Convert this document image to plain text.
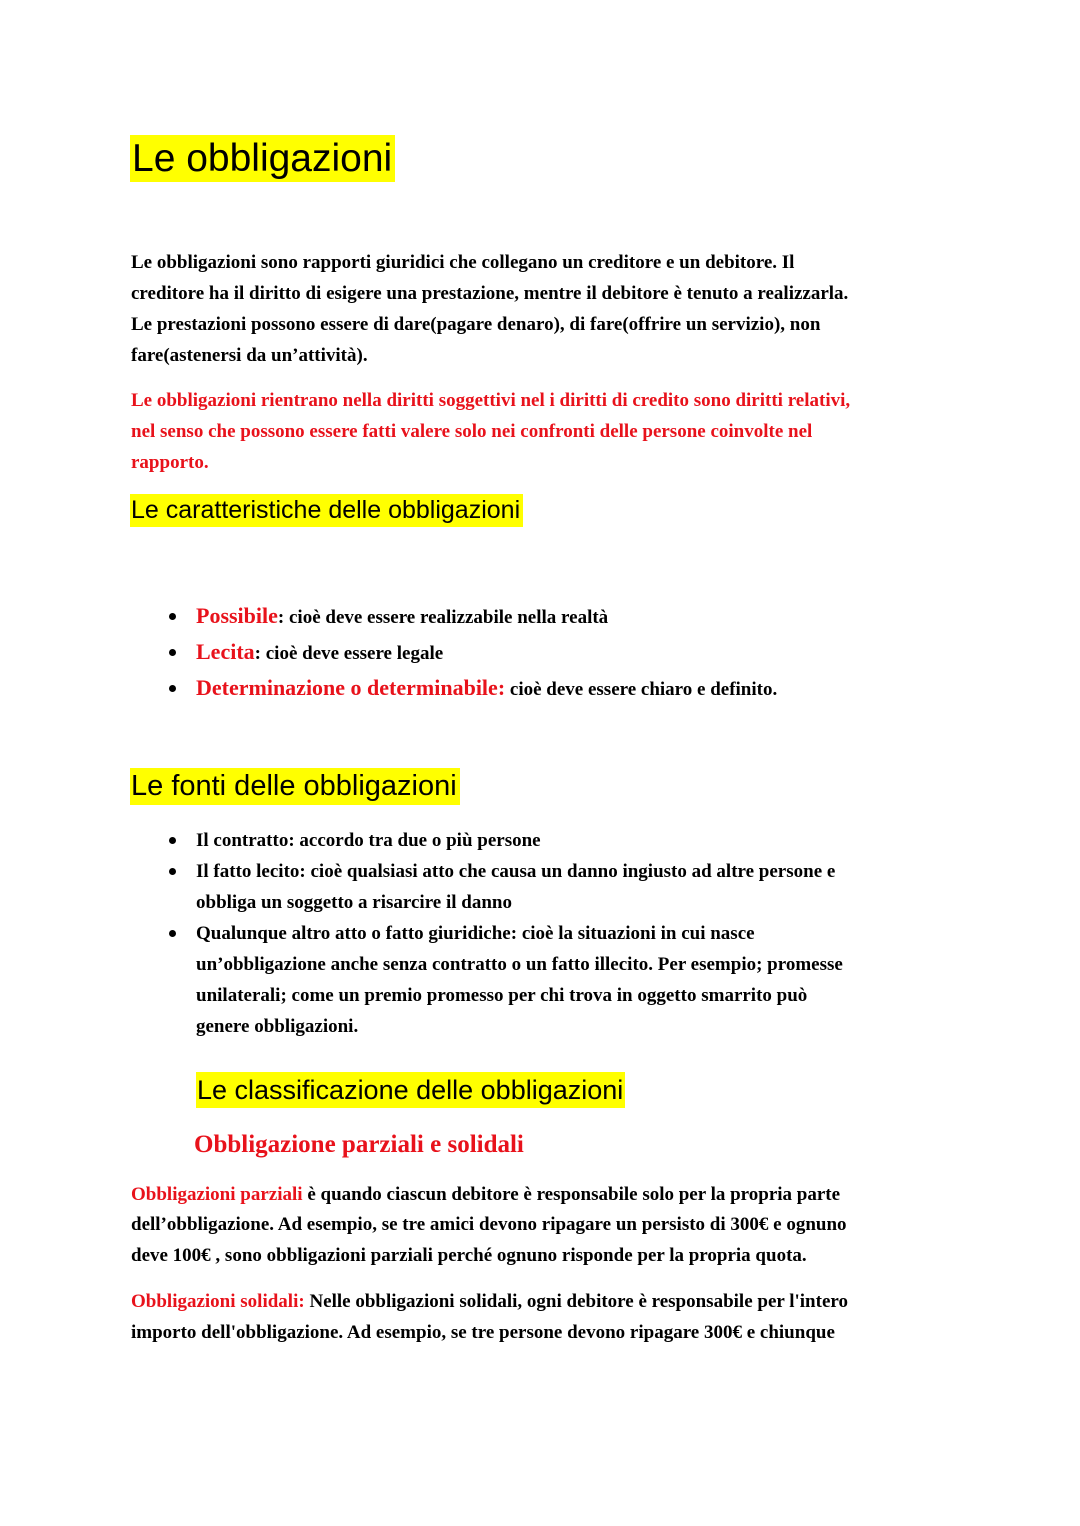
Le obbligazioni
Le obbligazioni sono rapporti giuridici che collegano un creditore e un debitore. Il
creditore ha il diritto di esigere una prestazione, mentre il debitore è tenuto a realizzarla.
Le prestazioni possono essere di dare(pagare denaro), di fare(offrire un servizio), non
fare(astenersi da un’attività).
Le obbligazioni rientrano nella diritti soggettivi nel i diritti di credito sono diritti relativi,
nel senso che possono essere fatti valere solo nei confronti delle persone coinvolte nel
rapporto.
Le caratteristiche delle obbligazioni
Possibile: cioè deve essere realizzabile nella realtà
Lecita: cioè deve essere legale
Determinazione o determinabile: cioè deve essere chiaro e definito.
Le fonti delle obbligazioni
Il contratto: accordo tra due o più persone
Il fatto lecito: cioè qualsiasi atto che causa un danno ingiusto ad altre persone e
obbliga un soggetto a risarcire il danno
Qualunque altro atto o fatto giuridiche: cioè la situazioni in cui nasce
un’obbligazione anche senza contratto o un fatto illecito. Per esempio; promesse
unilaterali; come un premio promesso per chi trova in oggetto smarrito può
genere obbligazioni.
Le classificazione delle obbligazioni
Obbligazione parziali e solidali
Obbligazioni parziali è quando ciascun debitore è responsabile solo per la propria parte
dell’obbligazione. Ad esempio, se tre amici devono ripagare un persisto di 300€ e ognuno
deve 100€ , sono obbligazioni parziali perché ognuno risponde per la propria quota.
Obbligazioni solidali: Nelle obbligazioni solidali, ogni debitore è responsabile per l'intero
importo dell'obbligazione. Ad esempio, se tre persone devono ripagare 300€ e chiunque
